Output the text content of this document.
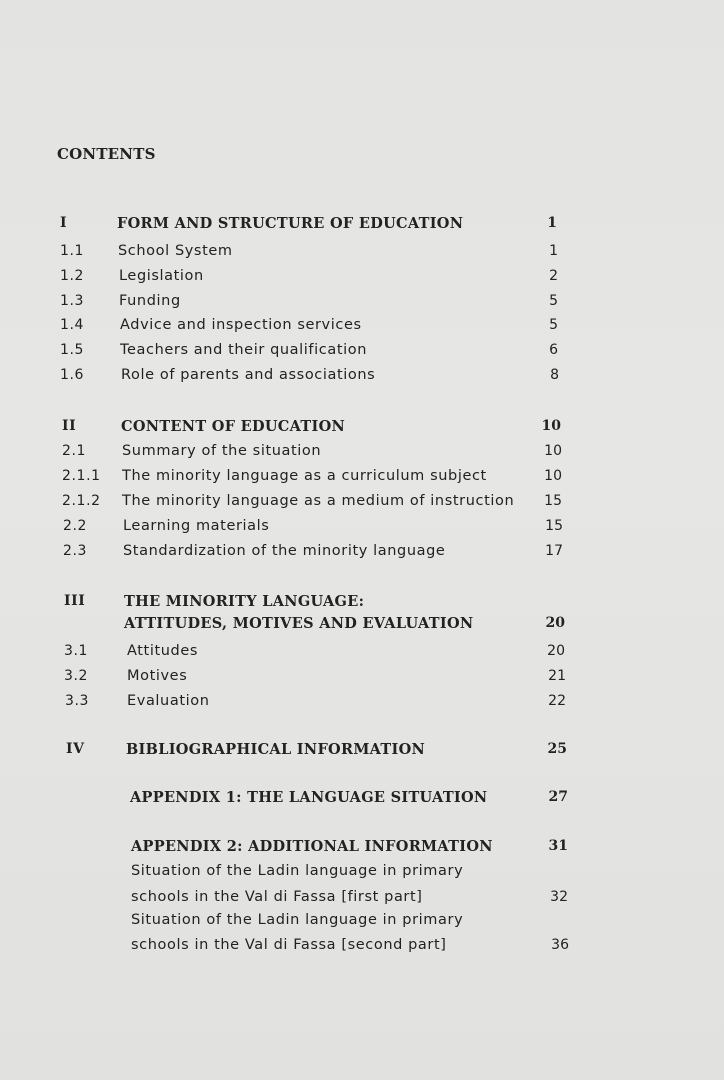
CONTENTS
I	FORM AND STRUCTURE OF EDUCATION	1
1.1 School System	1
1.2 Legislation	2
1.3 Funding	5
1.4 Advice and inspection services	5
1.5 Teachers and their qualification	6
1.6	Role of parents and associations	8
II	CONTENT OF EDUCATION	10
2.1 Summary of the situation	10
2.1.1 The minority language as a curriculum subject	10
2.1.2 The minority language as a medium of instruction	15
2.2 Learning materials	15
2.3 Standardization of the minority language	17
III	THE MINORITY LANGUAGE:
ATTITUDES, MOTIVES AND EVALUATION	20
3.1	Attitudes	20
3.2	Motives	21
3.3	Evaluation	22
IV	BIBLIOGRAPHICAL INFORMATION	25
APPENDIX 1: THE LANGUAGE SITUATION	27
APPENDIX 2: ADDITIONAL INFORMATION	31
Situation of the Ladin language in primary
schools in the Val di Fassa [first part]	32
Situation of the Ladin language in primary
schools in the Val di Fassa [second part]	36
